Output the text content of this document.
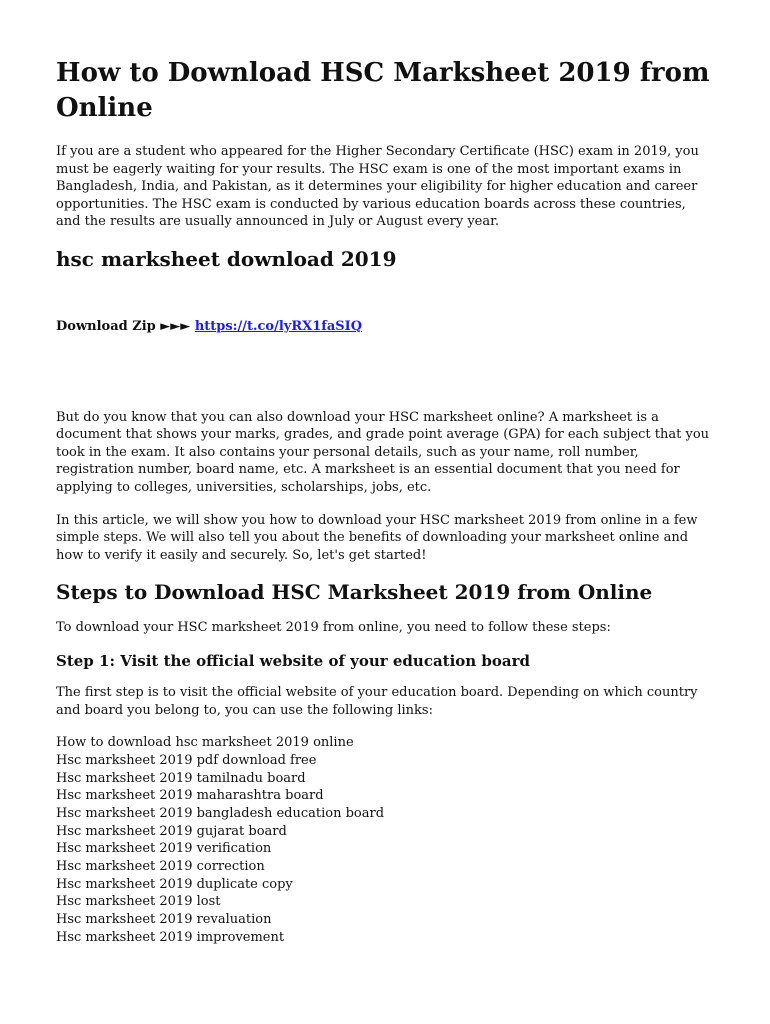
How to Download HSC Marksheet 2019 from Online

If you are a student who appeared for the Higher Secondary Certificate (HSC) exam in 2019, you must be eagerly waiting for your results. The HSC exam is one of the most important exams in Bangladesh, India, and Pakistan, as it determines your eligibility for higher education and career opportunities. The HSC exam is conducted by various education boards across these countries, and the results are usually announced in July or August every year.

hsc marksheet download 2019
Download Zip ►►► https://t.co/lyRX1faSIQ

But do you know that you can also download your HSC marksheet online? A marksheet is a document that shows your marks, grades, and grade point average (GPA) for each subject that you took in the exam. It also contains your personal details, such as your name, roll number, registration number, board name, etc. A marksheet is an essential document that you need for applying to colleges, universities, scholarships, jobs, etc.

In this article, we will show you how to download your HSC marksheet 2019 from online in a few simple steps. We will also tell you about the benefits of downloading your marksheet online and how to verify it easily and securely. So, let's get started!

Steps to Download HSC Marksheet 2019 from Online

To download your HSC marksheet 2019 from online, you need to follow these steps:

Step 1: Visit the official website of your education board

The first step is to visit the official website of your education board. Depending on which country and board you belong to, you can use the following links:

How to download hsc marksheet 2019 online
Hsc marksheet 2019 pdf download free
Hsc marksheet 2019 tamilnadu board
Hsc marksheet 2019 maharashtra board
Hsc marksheet 2019 bangladesh education board
Hsc marksheet 2019 gujarat board
Hsc marksheet 2019 verification
Hsc marksheet 2019 correction
Hsc marksheet 2019 duplicate copy
Hsc marksheet 2019 lost
Hsc marksheet 2019 revaluation
Hsc marksheet 2019 improvement
